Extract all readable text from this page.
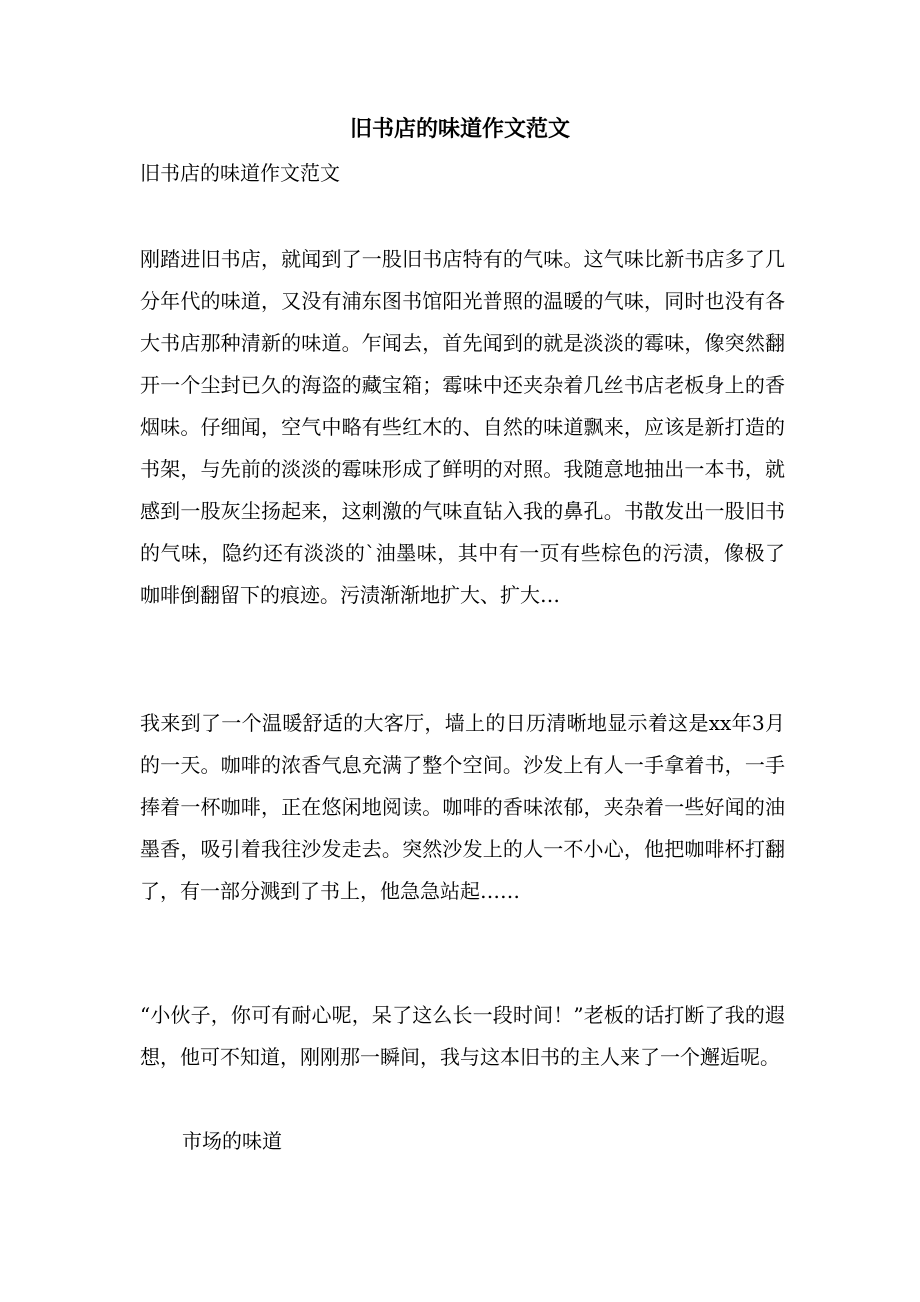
旧书店的味道作文范文

旧书店的味道作文范文

刚踏进旧书店，就闻到了一股旧书店特有的气味。这气味比新书店多了几分年代的味道，又没有浦东图书馆阳光普照的温暖的气味，同时也没有各大书店那种清新的味道。乍闻去，首先闻到的就是淡淡的霉味，像突然翻开一个尘封已久的海盗的藏宝箱；霉味中还夹杂着几丝书店老板身上的香烟味。仔细闻，空气中略有些红木的、自然的味道飘来，应该是新打造的书架，与先前的淡淡的霉味形成了鲜明的对照。我随意地抽出一本书，就感到一股灰尘扬起来，这刺激的气味直钻入我的鼻孔。书散发出一股旧书的气味，隐约还有淡淡的`油墨味，其中有一页有些棕色的污渍，像极了咖啡倒翻留下的痕迹。污渍渐渐地扩大、扩大…

我来到了一个温暖舒适的大客厅，墙上的日历清晰地显示着这是xx年3月的一天。咖啡的浓香气息充满了整个空间。沙发上有人一手拿着书，一手捧着一杯咖啡，正在悠闲地阅读。咖啡的香味浓郁，夹杂着一些好闻的油墨香，吸引着我往沙发走去。突然沙发上的人一不小心，他把咖啡杯打翻了，有一部分溅到了书上，他急急站起……

“小伙子，你可有耐心呢，呆了这么长一段时间！”老板的话打断了我的遐想，他可不知道，刚刚那一瞬间，我与这本旧书的主人来了一个邂逅呢。

市场的味道
